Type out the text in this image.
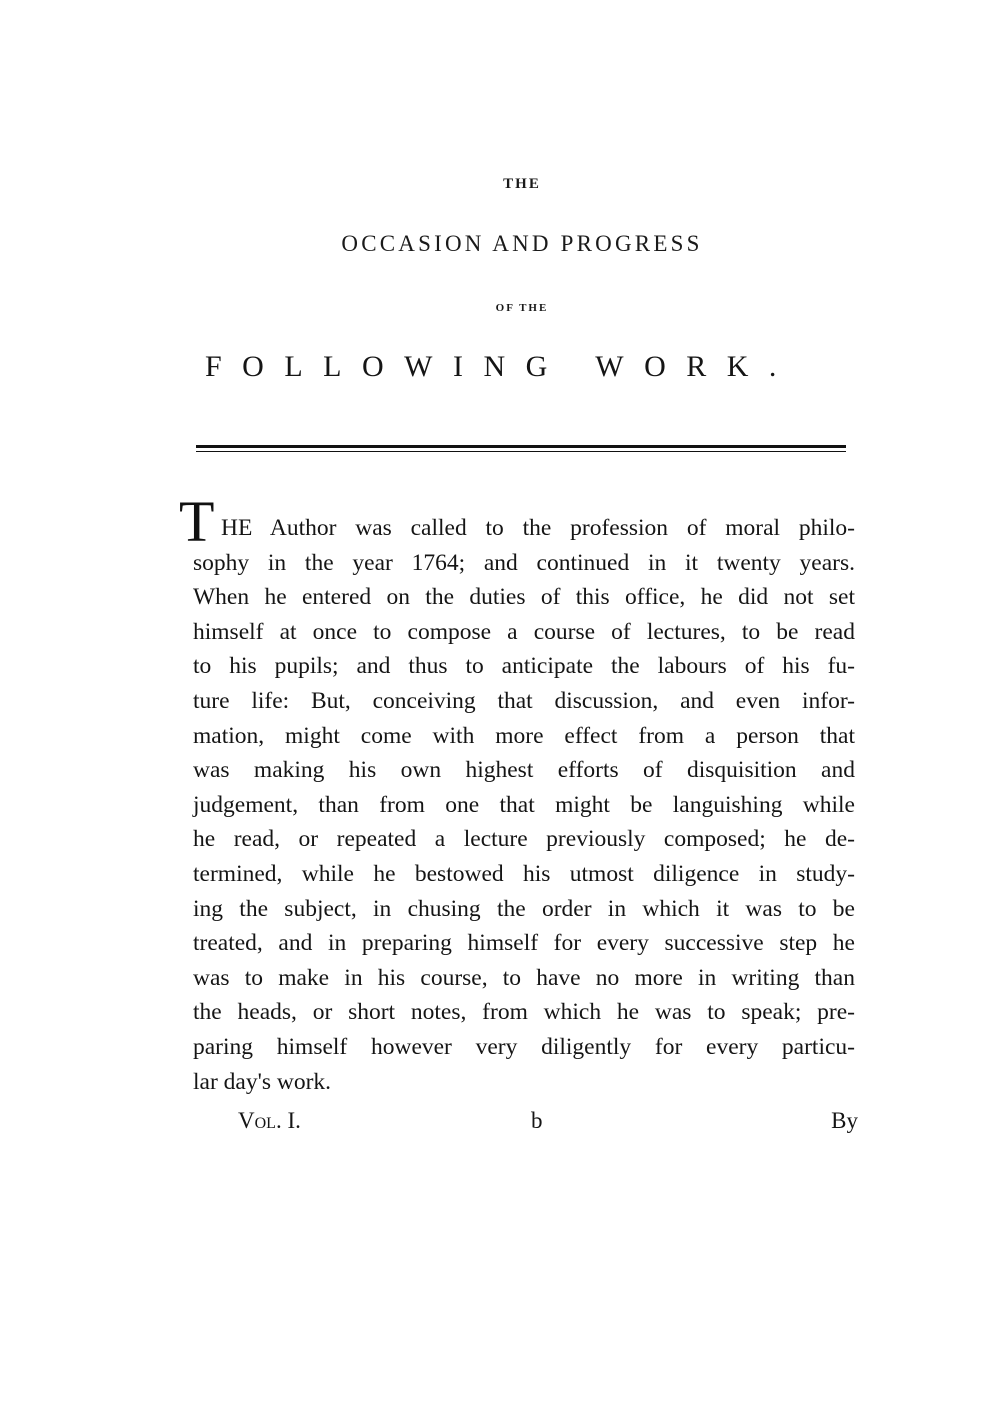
THE
OCCASION AND PROGRESS
OF THE
FOLLOWING WORK.
T HE Author was called to the profession of moral philo-
sophy in the year 1764; and continued in it twenty years.
When he entered on the duties of this office, he did not set
himself at once to compose a course of lectures, to be read
to his pupils; and thus to anticipate the labours of his fu-
ture life: But, conceiving that discussion, and even infor-
mation, might come with more effect from a person that
was making his own highest efforts of disquisition and
judgement, than from one that might be languishing while
he read, or repeated a lecture previously composed; he de-
termined, while he bestowed his utmost diligence in study-
ing the subject, in chusing the order in which it was to be
treated, and in preparing himself for every successive step he
was to make in his course, to have no more in writing than
the heads, or short notes, from which he was to speak; pre-
paring himself however very diligently for every particu-
lar day's work.
Vol. I.	b	By
